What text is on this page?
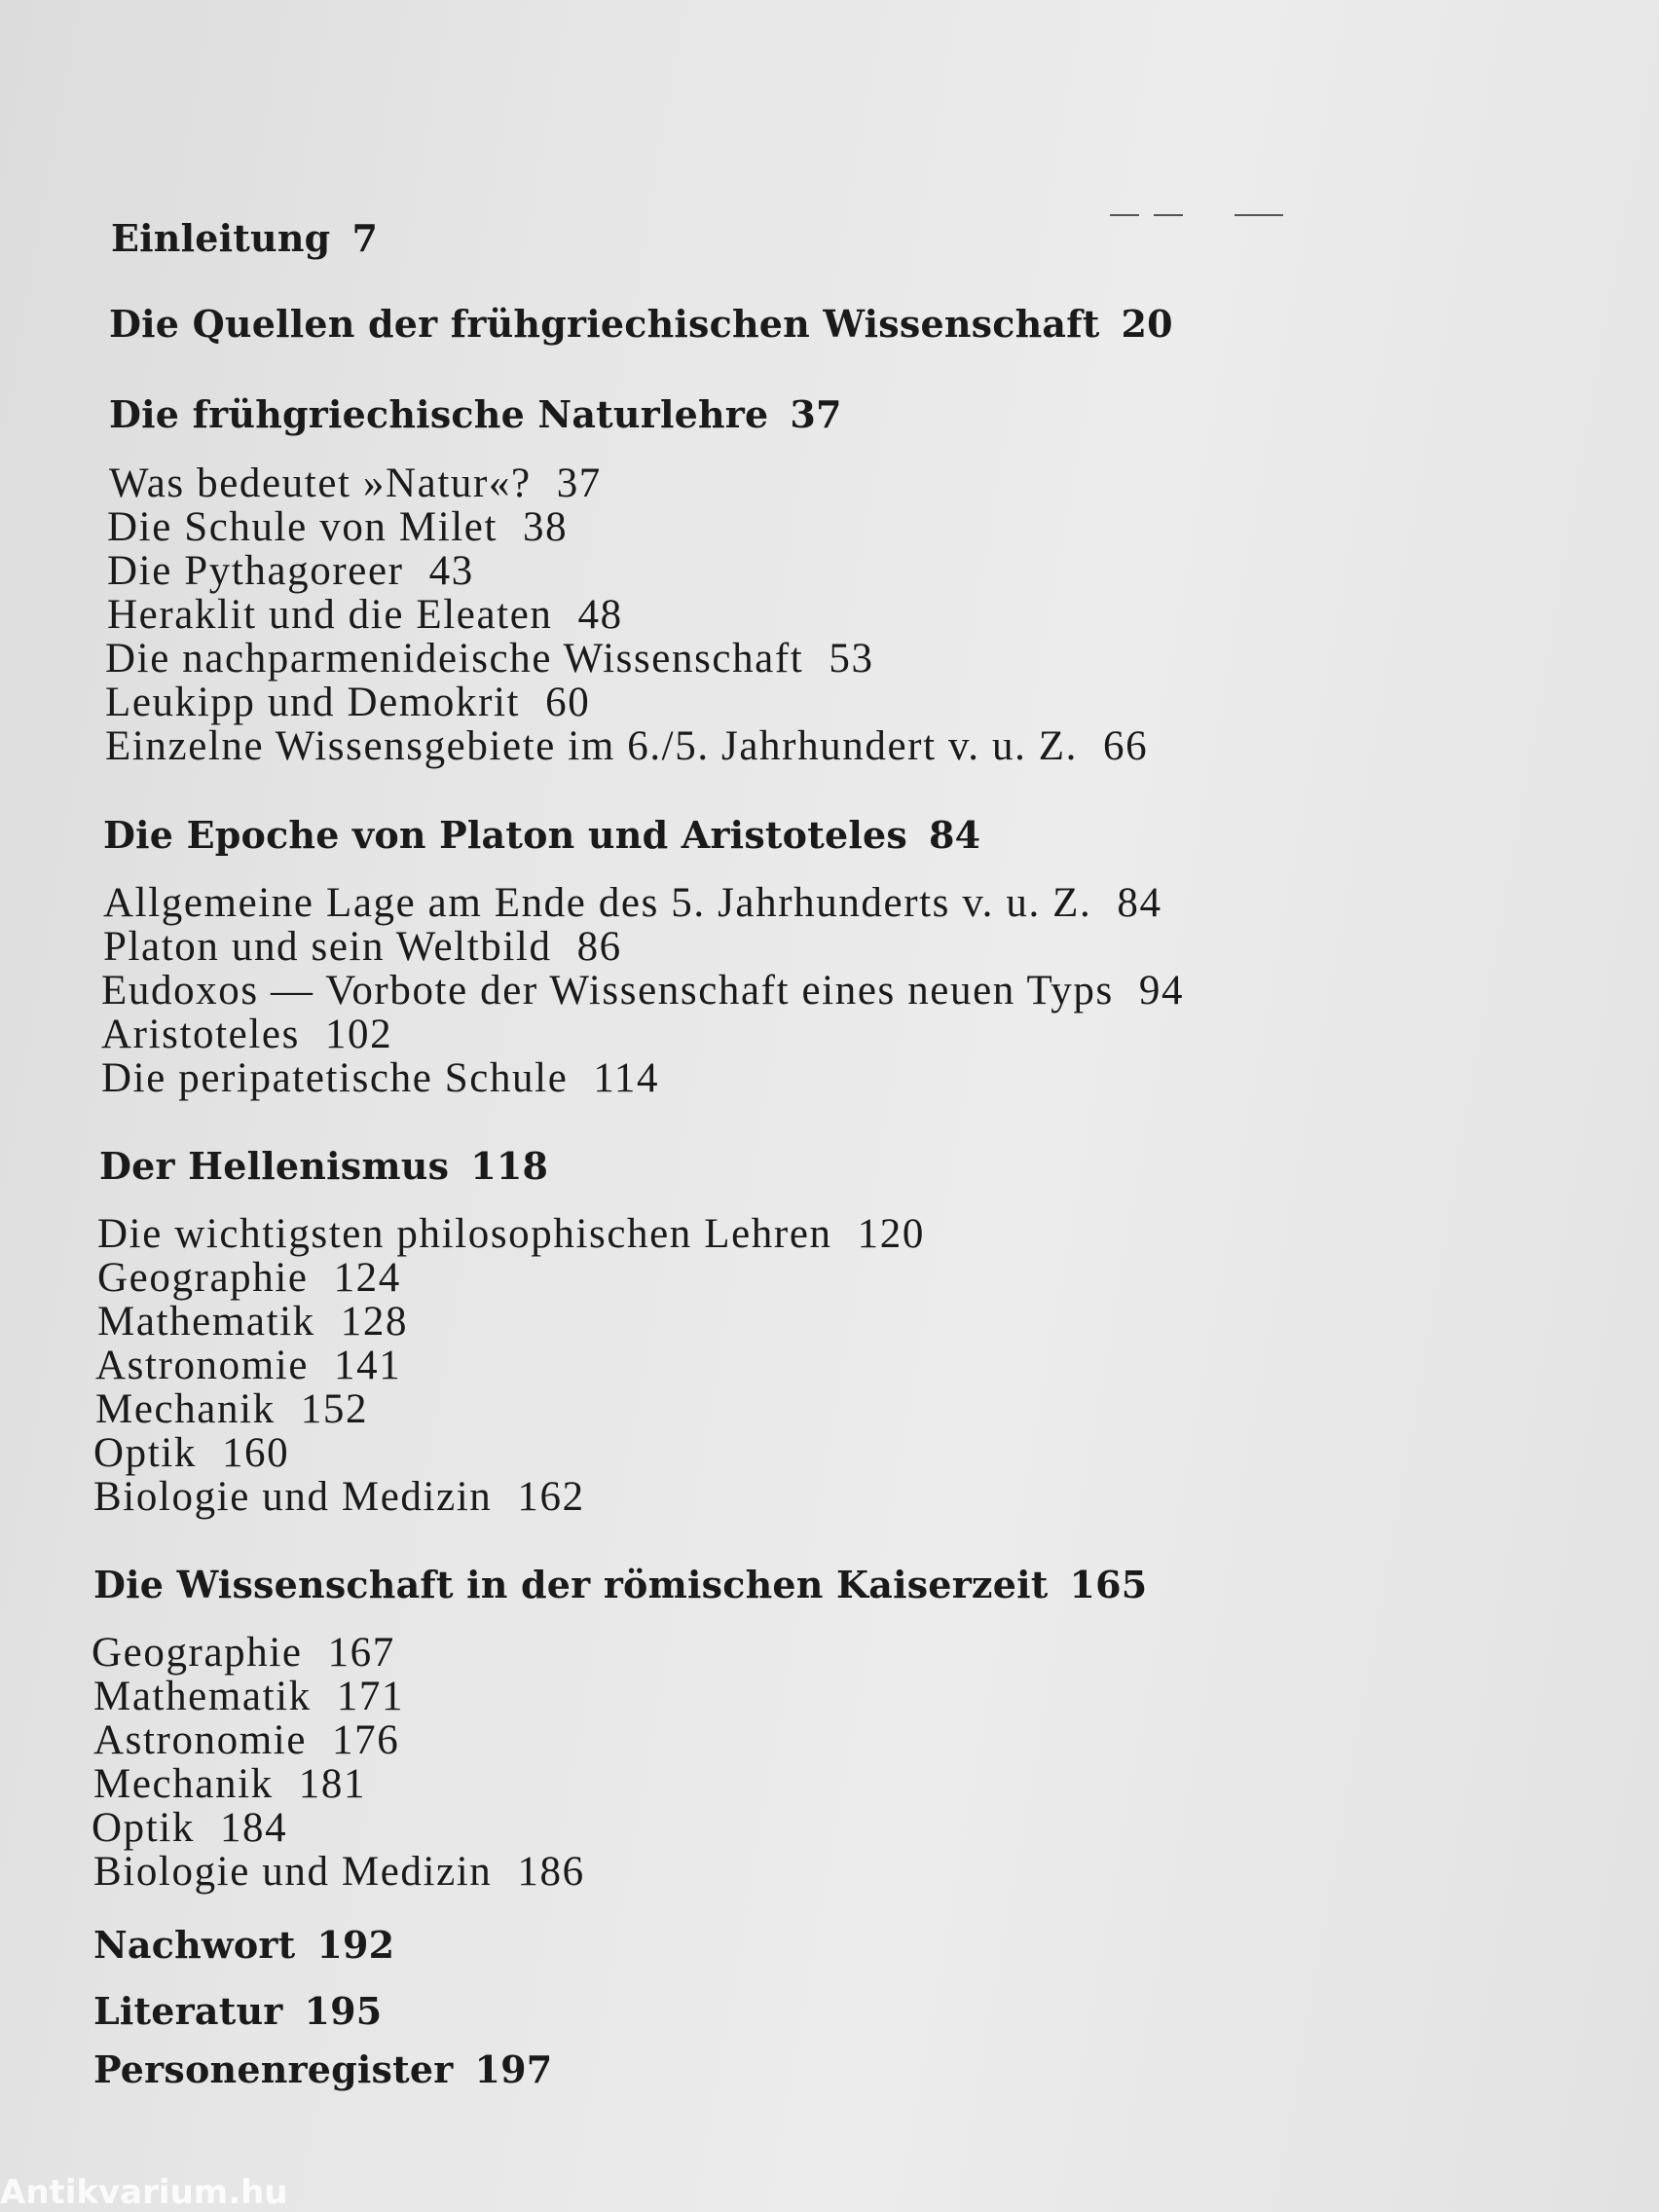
Einleitung 7
Die Quellen der frühgriechischen Wissenschaft 20
Die frühgriechische Naturlehre 37
Was bedeutet »Natur«? 37
Die Schule von Milet 38
Die Pythagoreer 43
Heraklit und die Eleaten 48
Die nachparmenideische Wissenschaft 53
Leukipp und Demokrit 60
Einzelne Wissensgebiete im 6./5. Jahrhundert v. u. Z. 66
Die Epoche von Platon und Aristoteles 84
Allgemeine Lage am Ende des 5. Jahrhunderts v. u. Z. 84
Platon und sein Weltbild 86
Eudoxos — Vorbote der Wissenschaft eines neuen Typs 94
Aristoteles 102
Die peripatetische Schule 114
Der Hellenismus 118
Die wichtigsten philosophischen Lehren 120
Geographie 124
Mathematik 128
Astronomie 141
Mechanik 152
Optik 160
Biologie und Medizin 162
Die Wissenschaft in der römischen Kaiserzeit 165
Geographie 167
Mathematik 171
Astronomie 176
Mechanik 181
Optik 184
Biologie und Medizin 186
Nachwort 192
Literatur 195
Personenregister 197
Antikvarium.hu
